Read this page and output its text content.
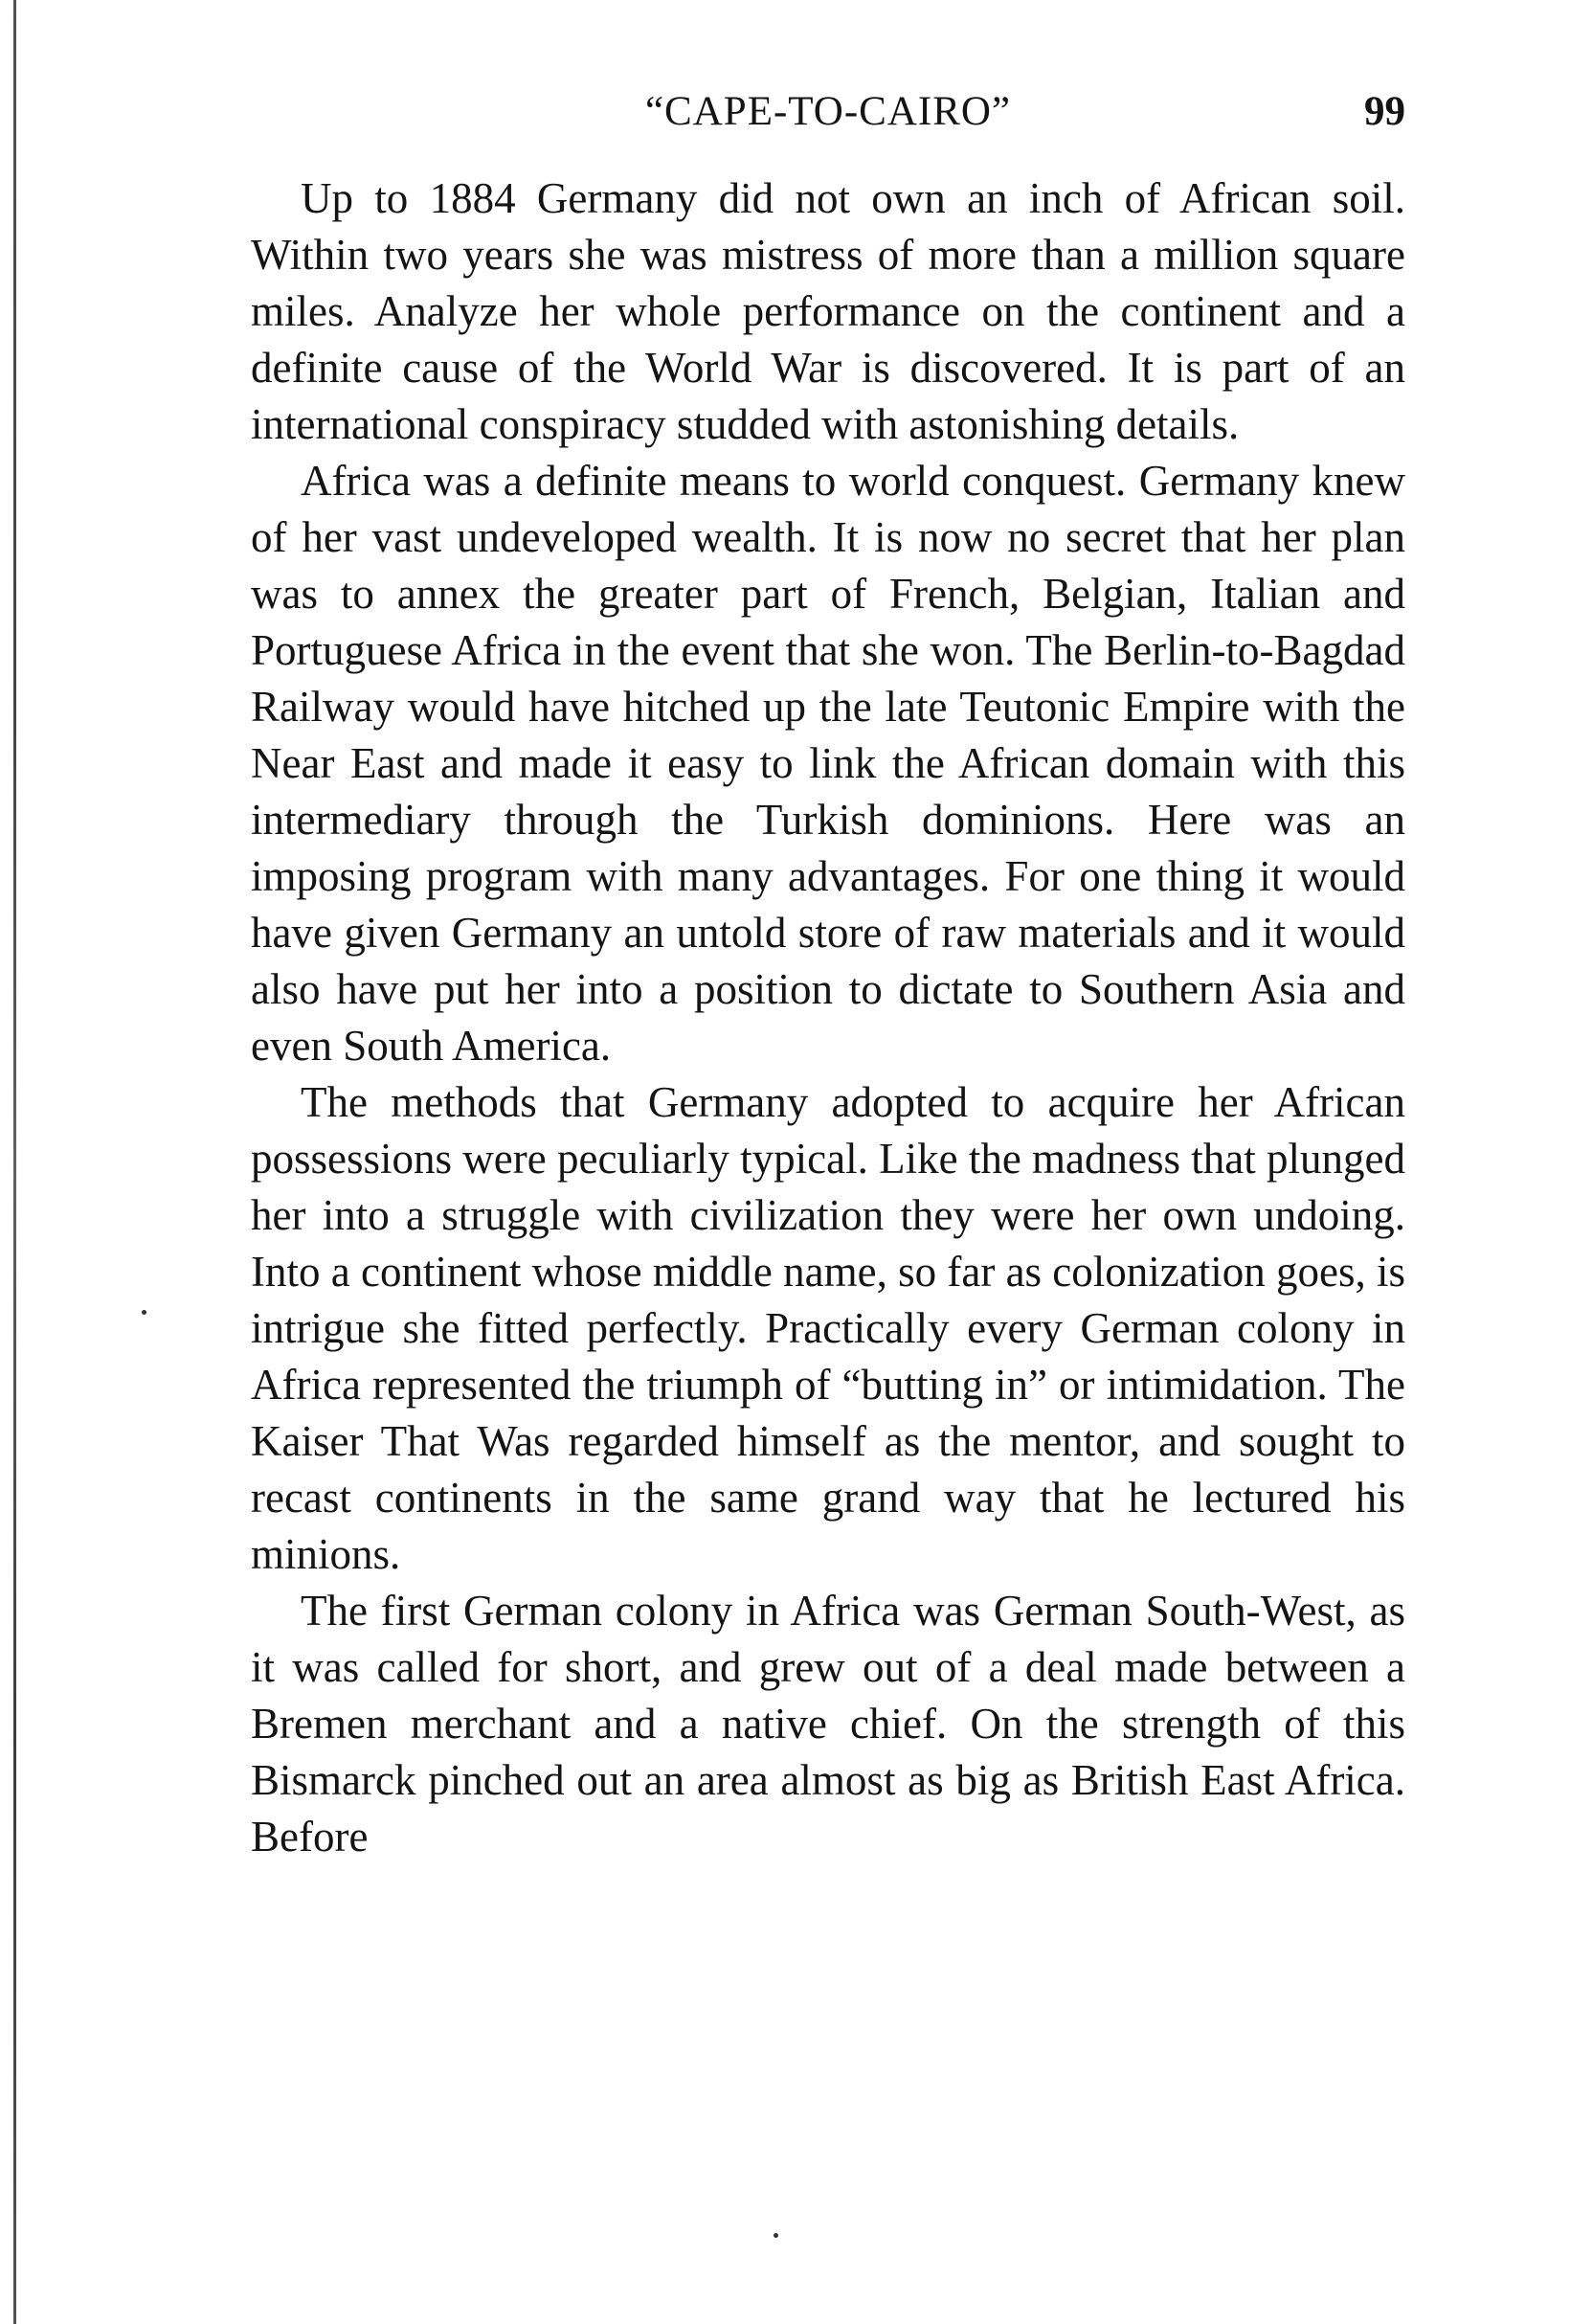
“CAPE-TO-CAIRO”	99

Up to 1884 Germany did not own an inch of African soil. Within two years she was mistress of more than a million square miles. Analyze her whole performance on the continent and a definite cause of the World War is discovered. It is part of an international conspiracy studded with astonishing details.

Africa was a definite means to world conquest. Germany knew of her vast undeveloped wealth. It is now no secret that her plan was to annex the greater part of French, Belgian, Italian and Portuguese Africa in the event that she won. The Berlin-to-Bagdad Railway would have hitched up the late Teutonic Empire with the Near East and made it easy to link the African domain with this intermediary through the Turkish dominions. Here was an imposing program with many advantages. For one thing it would have given Germany an untold store of raw materials and it would also have put her into a position to dictate to Southern Asia and even South America.

The methods that Germany adopted to acquire her African possessions were peculiarly typical. Like the madness that plunged her into a struggle with civilization they were her own undoing. Into a continent whose middle name, so far as colonization goes, is intrigue she fitted perfectly. Practically every German colony in Africa represented the triumph of “butting in” or intimidation. The Kaiser That Was regarded himself as the mentor, and sought to recast continents in the same grand way that he lectured his minions.

The first German colony in Africa was German South-West, as it was called for short, and grew out of a deal made between a Bremen merchant and a native chief. On the strength of this Bismarck pinched out an area almost as big as British East Africa. Before
